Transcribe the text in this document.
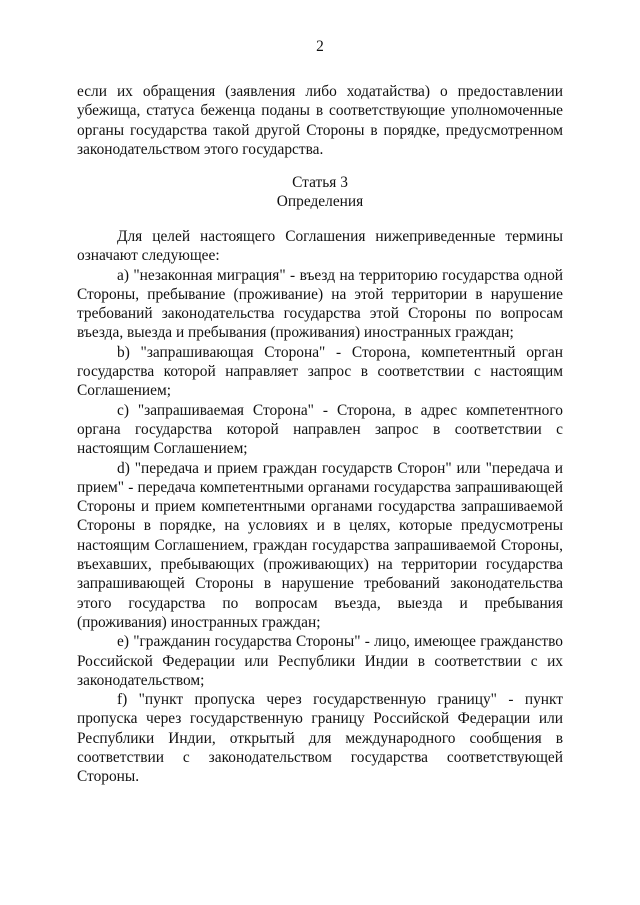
2

если их обращения (заявления либо ходатайства) о предоставлении убежища, статуса беженца поданы в соответствующие уполномоченные органы государства такой другой Стороны в порядке, предусмотренном законодательством этого государства.

Статья 3
Определения

Для целей настоящего Соглашения нижеприведенные термины означают следующее:

a) "незаконная миграция" - въезд на территорию государства одной Стороны, пребывание (проживание) на этой территории в нарушение требований законодательства государства этой Стороны по вопросам въезда, выезда и пребывания (проживания) иностранных граждан;

b) "запрашивающая Сторона" - Сторона, компетентный орган государства которой направляет запрос в соответствии с настоящим Соглашением;

c) "запрашиваемая Сторона" - Сторона, в адрес компетентного органа государства которой направлен запрос в соответствии с настоящим Соглашением;

d) "передача и прием граждан государств Сторон" или "передача и прием" - передача компетентными органами государства запрашивающей Стороны и прием компетентными органами государства запрашиваемой Стороны в порядке, на условиях и в целях, которые предусмотрены настоящим Соглашением, граждан государства запрашиваемой Стороны, въехавших, пребывающих (проживающих) на территории государства запрашивающей Стороны в нарушение требований законодательства этого государства по вопросам въезда, выезда и пребывания (проживания) иностранных граждан;

e) "гражданин государства Стороны" - лицо, имеющее гражданство Российской Федерации или Республики Индии в соответствии с их законодательством;

f) "пункт пропуска через государственную границу" - пункт пропуска через государственную границу Российской Федерации или Республики Индии, открытый для международного сообщения в соответствии с законодательством государства соответствующей Стороны.
